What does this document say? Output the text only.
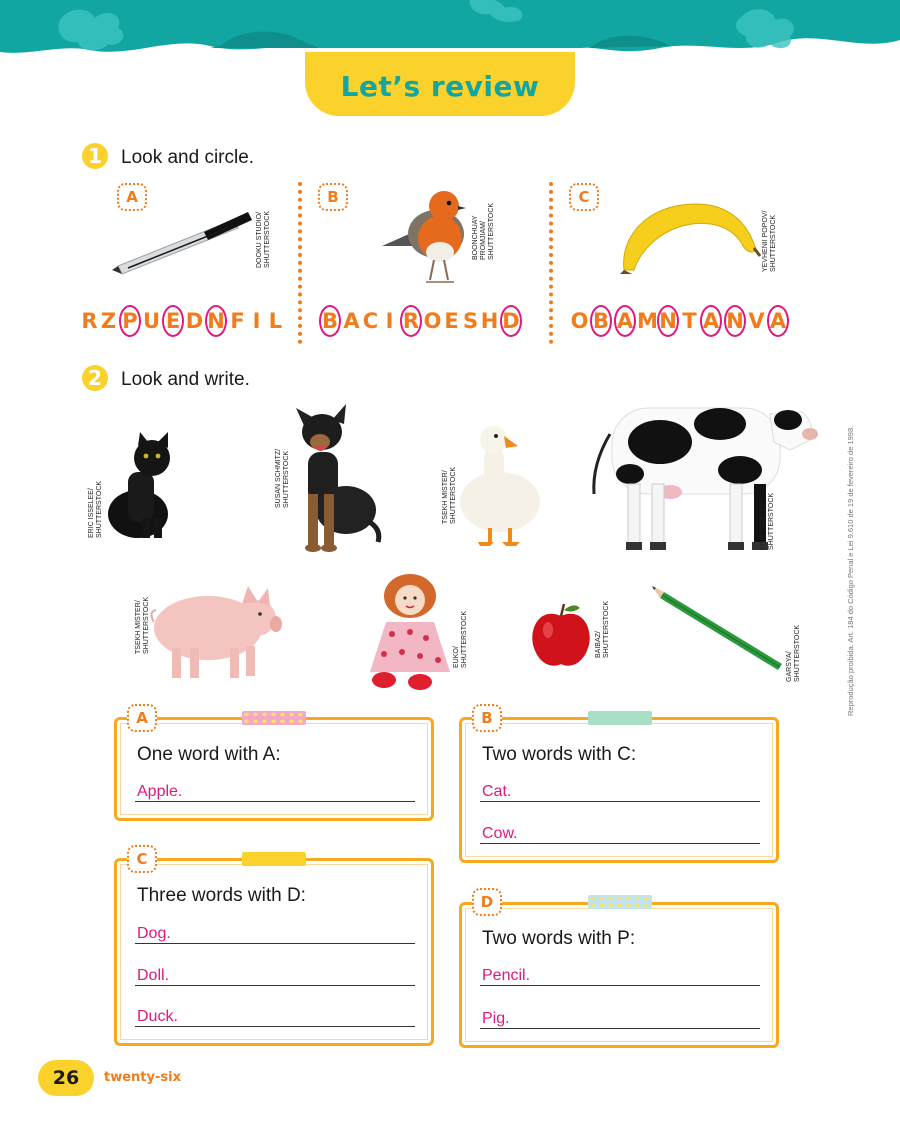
Let’s review
1	Look and circle.
A
DOOKU STUDIO/ SHUTTERSTOCK
R Z P U E D N F I L
B
BOONCHUAY PROMJIAM/ SHUTTERSTOCK
B A C I R O E S H D
C
YEVHENII POPOV/ SHUTTERSTOCK
O B A M N T A N V A
2	Look and write.
ERIC ISSELEE/ SHUTTERSTOCK
SUSAN SCHMITZ/ SHUTTERSTOCK	TSEKH MISTER/ SHUTTERSTOCK
ERIC ISSELEE/ SHUTTERSTOCK
TSEKH MISTER/ SHUTTERSTOCK
EUKO/ SHUTTERSTOCK	BAIBAZ/ SHUTTERSTOCK
GARSYA/ SHUTTERSTOCK
A
One word with A:
Apple.
B
Two words with C:
Cat.
Cow.
C
Three words with D:
Dog.
Doll.
Duck.
D
Two words with P:
Pencil.
Pig.
Reprodução proibida. Art. 184 do Código Penal e Lei 9.610 de 19 de fevereiro de 1998.
26	twenty-six
